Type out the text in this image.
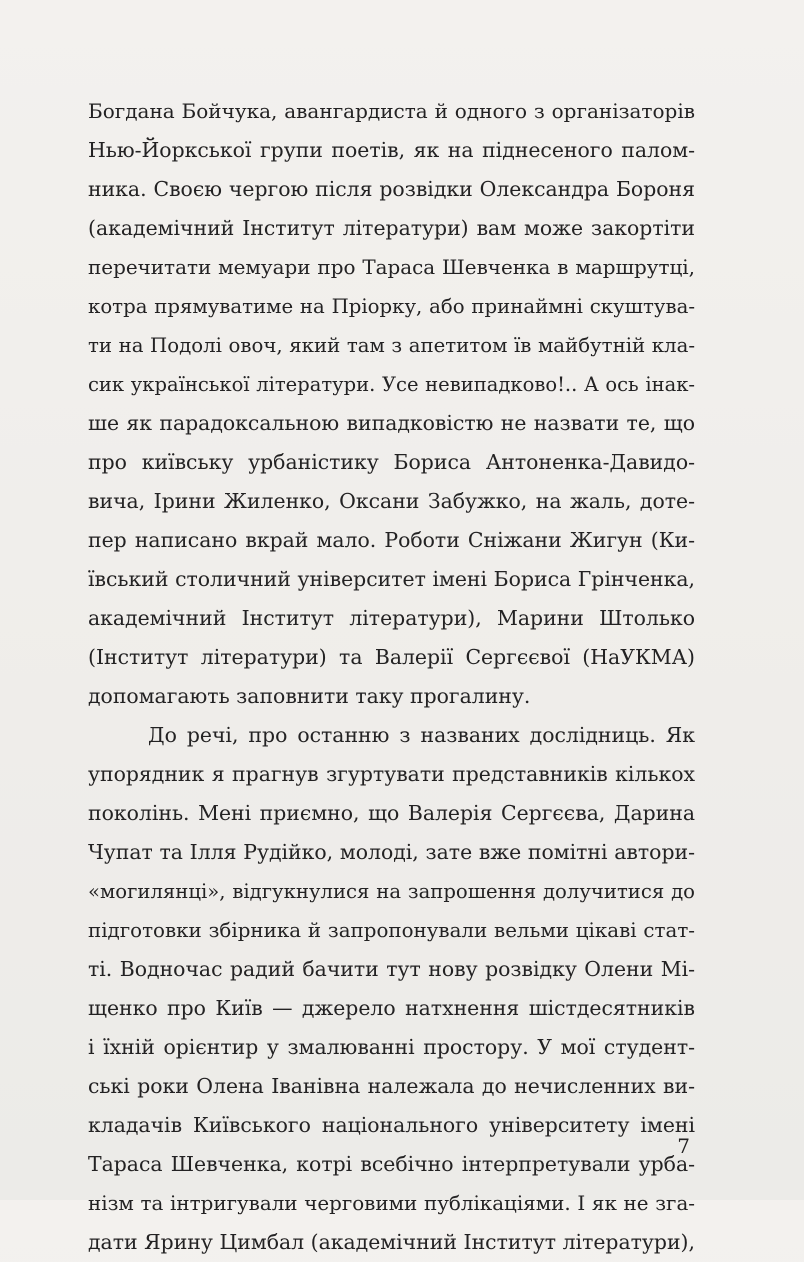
Богдана Бойчука, авангардиста й одного з організаторів
Нью-Йоркської групи поетів, як на піднесеного палом-
ника. Своєю чергою після розвідки Олександра Бороня
(академічний Інститут літератури) вам може закортіти
перечитати мемуари про Тараса Шевченка в маршрутці,
котра прямуватиме на Пріорку, або принаймні скуштува-
ти на Подолі овоч, який там з апетитом їв майбутній кла-
сик української літератури. Усе невипадково!.. А ось інак-
ше як парадоксальною випадковістю не назвати те, що
про київську урбаністику Бориса Антоненка-Давидо-
вича, Ірини Жиленко, Оксани Забужко, на жаль, доте-
пер написано вкрай мало. Роботи Сніжани Жигун (Ки-
ївський столичний університет імені Бориса Грінченка,
академічний Інститут літератури), Марини Штолько
(Інститут літератури) та Валерії Сергєєвої (НаУКМА)
допомагають заповнити таку прогалину.
До речі, про останню з названих дослідниць. Як
упорядник я прагнув згуртувати представників кількох
поколінь. Мені приємно, що Валерія Сергєєва, Дарина
Чупат та Ілля Рудійко, молоді, зате вже помітні автори-
«могилянці», відгукнулися на запрошення долучитися до
підготовки збірника й запропонували вельми цікаві стат-
ті. Водночас радий бачити тут нову розвідку Олени Мі-
щенко про Київ — джерело натхнення шістдесятників
і їхній орієнтир у змалюванні простору. У мої студент-
ські роки Олена Іванівна належала до нечисленних ви-
кладачів Київського національного університету імені
Тараса Шевченка, котрі всебічно інтерпретували урба-
нізм та інтригували черговими публікаціями. І як не зга-
дати Ярину Цимбал (академічний Інститут літератури),
7
